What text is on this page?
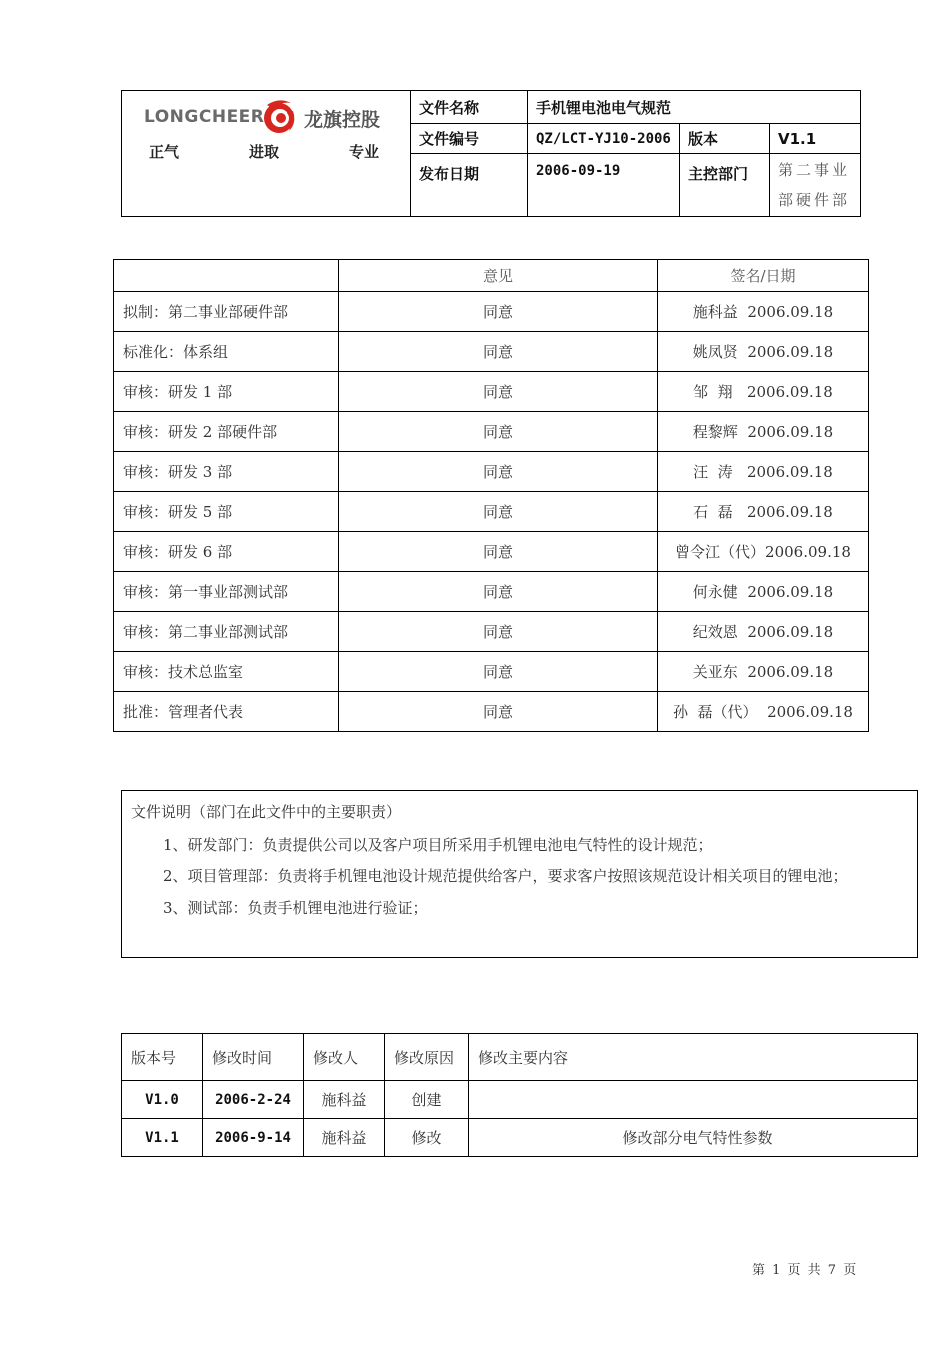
LONGCHEER 龙旗控股
正气 进取 专业	文件名称	手机锂电池电气规范		
	文件编号	QZ/LCT-YJ10-2006	版本	V1.1
	发布日期	2006-09-19	主控部门	第二事业
部硬件部
	意见	签名/日期
拟制：第二事业部硬件部	同意	施科益  2006.09.18
标准化：体系组	同意	姚凤贤  2006.09.18
审核：研发 1 部	同意	邹  翔   2006.09.18
审核：研发 2 部硬件部	同意	程黎辉  2006.09.18
审核：研发 3 部	同意	汪  涛   2006.09.18
审核：研发 5 部	同意	石  磊   2006.09.18
审核：研发 6 部	同意	曾令江（代）2006.09.18
审核：第一事业部测试部	同意	何永健  2006.09.18
审核：第二事业部测试部	同意	纪效恩  2006.09.18
审核：技术总监室	同意	关亚东  2006.09.18
批准：管理者代表	同意	孙  磊（代）  2006.09.18
文件说明（部门在此文件中的主要职责）
1、研发部门：负责提供公司以及客户项目所采用手机锂电池电气特性的设计规范；
2、项目管理部：负责将手机锂电池设计规范提供给客户，要求客户按照该规范设计相关项目的锂电池；
3、测试部：负责手机锂电池进行验证；
版本号	修改时间	修改人	修改原因	修改主要内容
V1.0	2006-2-24	施科益	创建	
V1.1	2006-9-14	施科益	修改	修改部分电气特性参数
第 1 页 共 7 页
